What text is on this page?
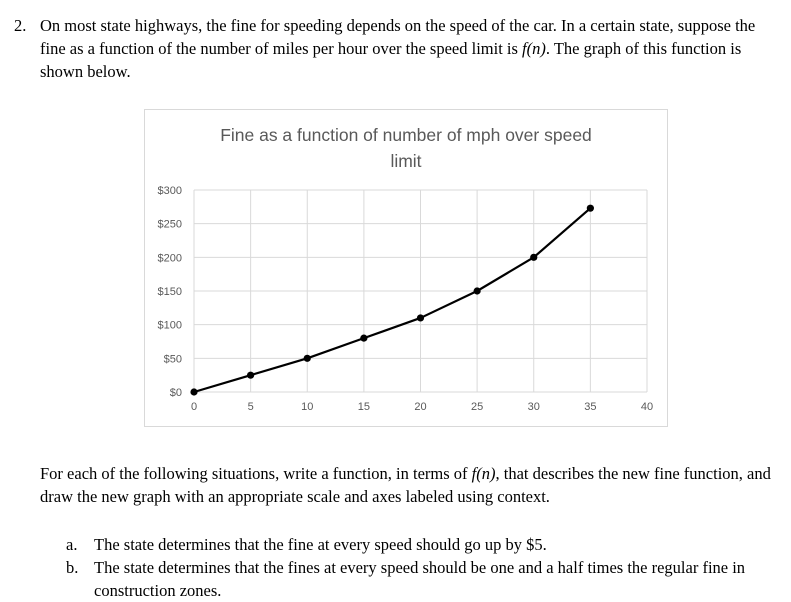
2. On most state highways, the fine for speeding depends on the speed of the car. In a certain state, suppose the fine as a function of the number of miles per hour over the speed limit is f(n). The graph of this function is shown below.
Fine as a function of number of mph over speed
limit
$0
$50
$100
$150
$200
$250
$300
0	5	10	15	20	25	30	35	40
For each of the following situations, write a function, in terms of f(n), that describes the new fine function, and draw the new graph with an appropriate scale and axes labeled using context.
a. The state determines that the fine at every speed should go up by $5.
b. The state determines that the fines at every speed should be one and a half times the regular fine in construction zones.
